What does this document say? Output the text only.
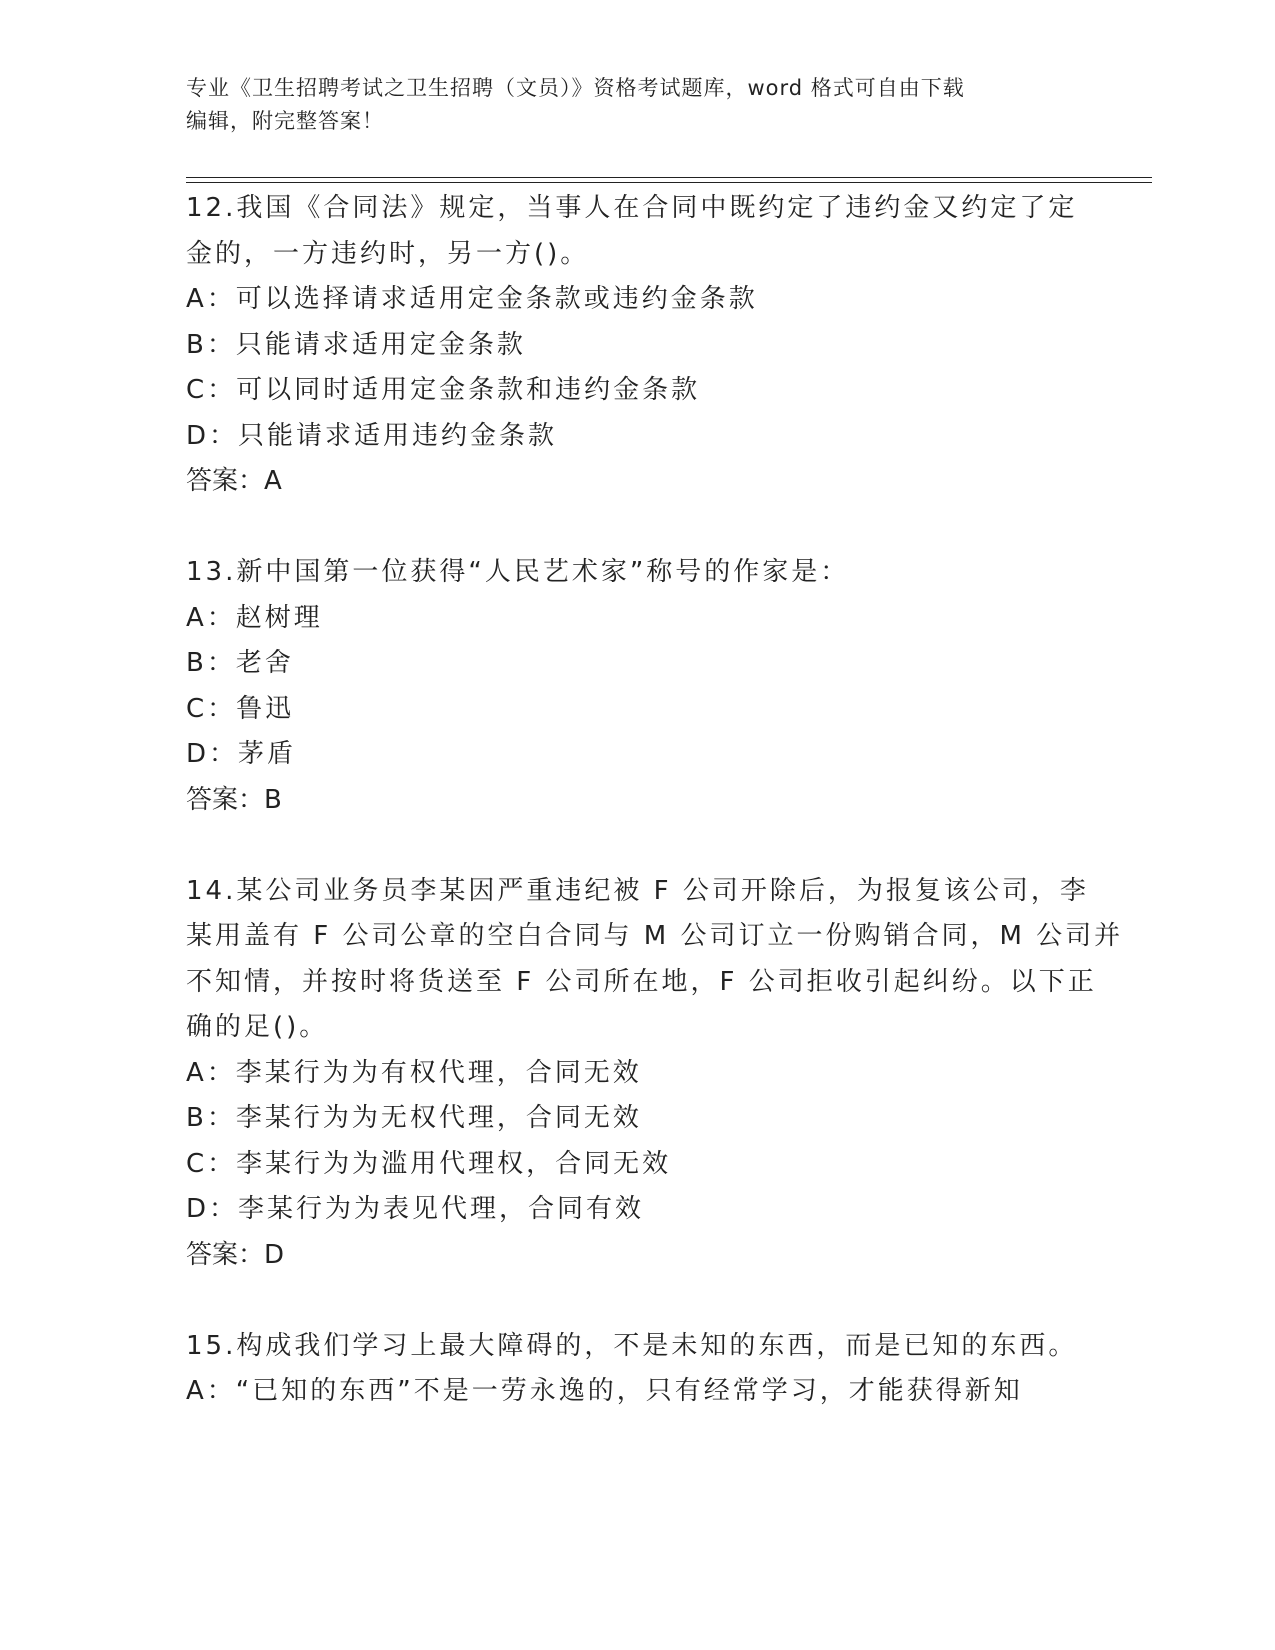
专业《卫生招聘考试之卫生招聘（文员）》资格考试题库，word 格式可自由下载
编辑，附完整答案！
12.我国《合同法》规定，当事人在合同中既约定了违约金又约定了定
金的，一方违约时，另一方()。
A：可以选择请求适用定金条款或违约金条款
B：只能请求适用定金条款
C：可以同时适用定金条款和违约金条款
D：只能请求适用违约金条款
答案：A
13.新中国第一位获得“人民艺术家”称号的作家是：
A：赵树理
B：老舍
C：鲁迅
D：茅盾
答案：B
14.某公司业务员李某因严重违纪被 F 公司开除后，为报复该公司，李
某用盖有 F 公司公章的空白合同与 M 公司订立一份购销合同，M 公司并
不知情，并按时将货送至 F 公司所在地，F 公司拒收引起纠纷。以下正
确的足()。
A：李某行为为有权代理，合同无效
B：李某行为为无权代理，合同无效
C：李某行为为滥用代理权，合同无效
D：李某行为为表见代理，合同有效
答案：D
15.构成我们学习上最大障碍的，不是未知的东西，而是已知的东西。
A：“已知的东西”不是一劳永逸的，只有经常学习，才能获得新知
